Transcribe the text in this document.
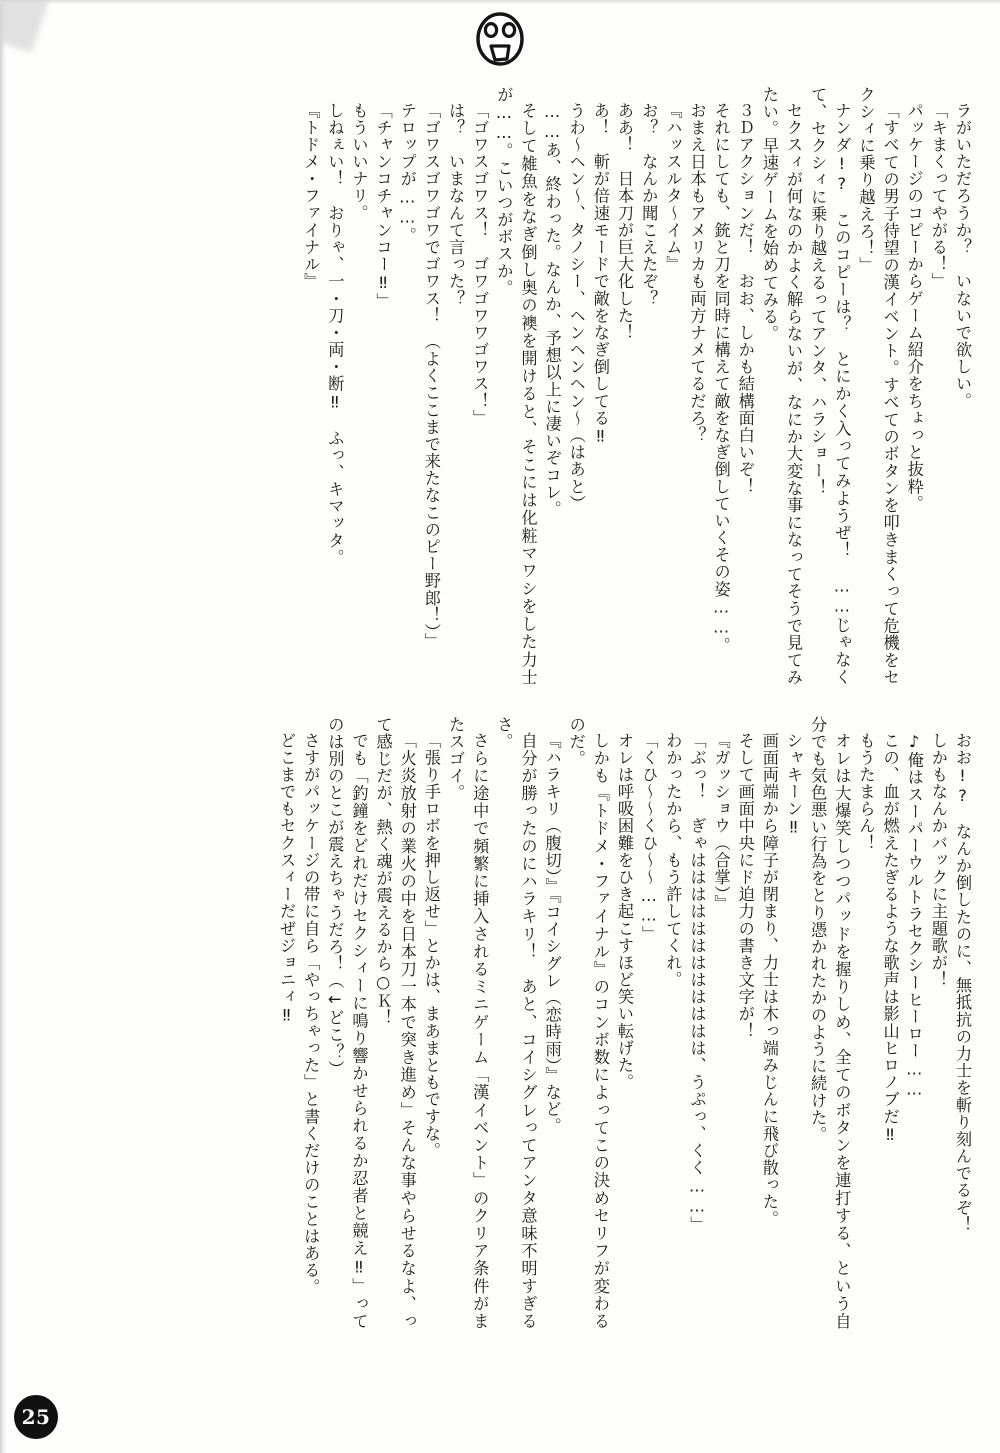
ラがいただろうか？　いないで欲しい。

「キまくってやがる！」

パッケージのコピーからゲーム紹介をちょっと抜粋。

「すべての男子待望の漢イベント。すべてのボタンを叩きまくって危機をセクシィに乗り越えろ！」

ナンダ!?　このコピーは？　とにかく入ってみようぜ！　……じゃなくて、セクシィに乗り越えるってアンタ、ハラショー！

セクスィが何なのかよく解らないが、なにか大変な事になってそうで見てみたい。早速ゲームを始めてみる。

３Ｄアクションだ！　おお、しかも結構面白いぞ！

それにしても、銃と刀を同時に構えて敵をなぎ倒していくその姿……。

おまえ日本もアメリカも両方ナメてるだろ？

『ハッスルタ〜イム』

お？　なんか聞こえたぞ？

ああ！　日本刀が巨大化した！

あ！　斬が倍速モードで敵をなぎ倒してる‼

うわ〜ヘン〜、タノシー、ヘンヘンヘン〜（はあと）

……あ、終わった。なんか、予想以上に凄いぞコレ。

そして雑魚をなぎ倒し奥の襖を開けると、そこには化粧マワシをした力士が……。こいつがボスか。

「ゴワスゴワス！　ゴワゴワワゴワス！」

は？　いまなんて言った？

「ゴワスゴワゴワでゴワス！　（よくここまで来たなこのピー野郎！）」

テロップが……。

「チャンコチャンコー‼」

もういいナリ。

しねぇい！　おりゃ、一・刀・両・断‼　ふっ、キマッタ。

『トドメ・ファイナル』

おお!?　なんか倒したのに、無抵抗の力士を斬り刻んでるぞ！

しかもなんかバックに主題歌が！

♪俺はスーパーウルトラセクシーヒーロー……

この、血が燃えたぎるような歌声は影山ヒロノブだ‼

もうたまらん！

オレは大爆笑しつつパッドを握りしめ、全てのボタンを連打する、という自分でも気色悪い行為をとり憑かれたかのように続けた。

シャキーン‼

画面両端から障子が閉まり、力士は木っ端みじんに飛び散った。

そして画面中央にド迫力の書き文字が！

『ガッショウ（合掌）』

「ぶっ！　ぎゃはははははははははははは、うぷっ、くく……」

わかったから、もう許してくれ。

「くひ〜〜くひ〜〜……」

オレは呼吸困難をひき起こすほど笑い転げた。

しかも『トドメ・ファイナル』のコンボ数によってこの決めセリフが変わるのだ。

『ハラキリ（腹切）』『コイシグレ（恋時雨）』など。

自分が勝ったのにハラキリ！　あと、コイシグレってアンタ意味不明すぎるさ。

さらに途中で頻繁に挿入されるミニゲーム「漢イベント」のクリア条件がまたスゴイ。

「張り手ロボを押し返せ」とかは、まあまともですな。

「火炎放射の業火の中を日本刀一本で突き進め」そんな事やらせるなよ、って感じだが、熱く魂が震えるから○Ｋ！

でも「釣鐘をどれだけセクシィーに鳴り響かせられるか忍者と競え‼」ってのは別のとこが震えちゃうだろ！（←どこ？）

さすがパッケージの帯に自ら「やっちゃった」と書くだけのことはある。

どこまでもセクスィーだぜジョニィ‼

25
